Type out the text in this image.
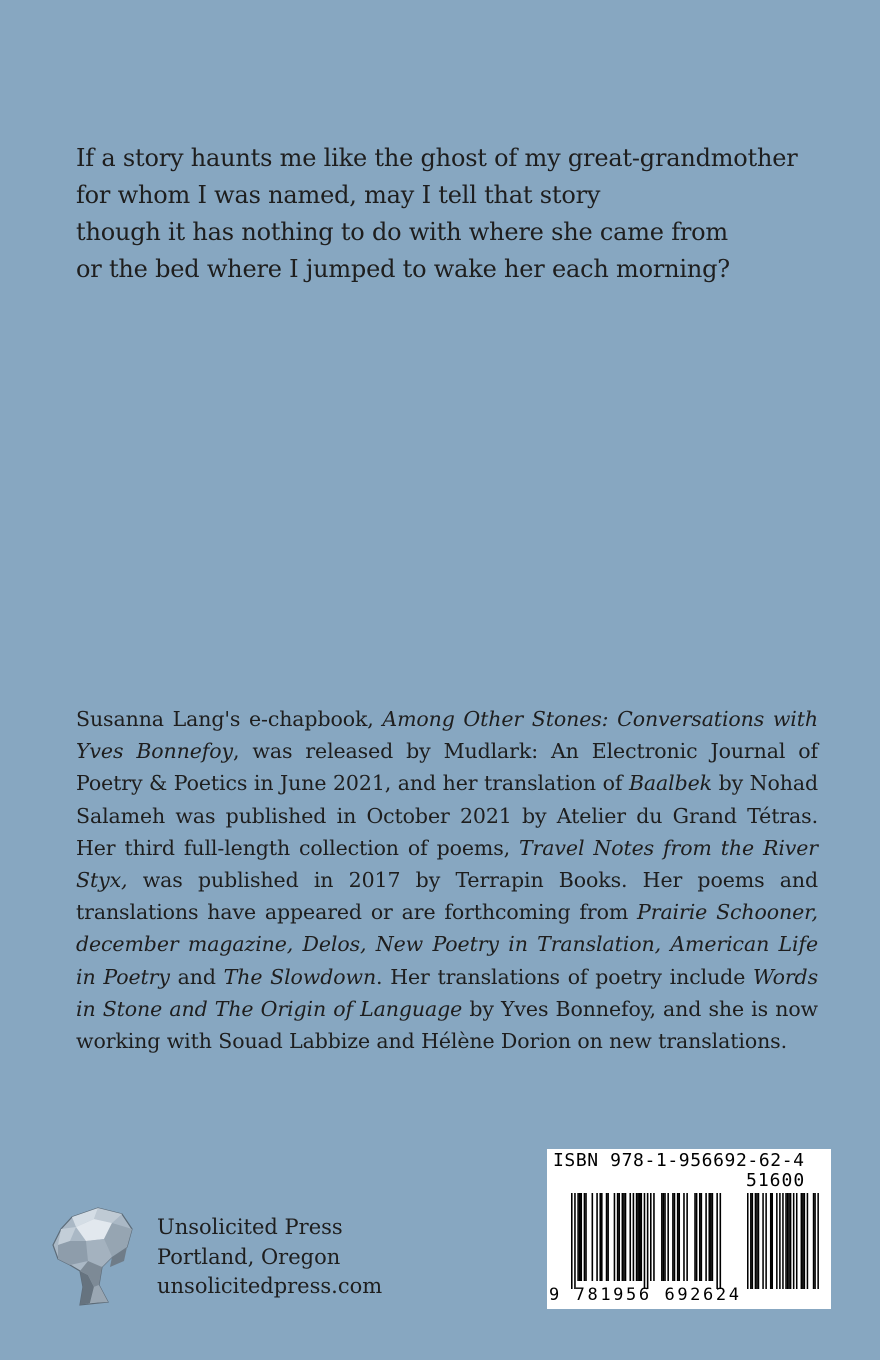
If a story haunts me like the ghost of my great-grandmother
for whom I was named, may I tell that story
though it has nothing to do with where she came from
or the bed where I jumped to wake her each morning?
Susanna Lang's e-chapbook, Among Other Stones: Conversations with Yves Bonnefoy, was released by Mudlark: An Electronic Journal of Poetry & Poetics in June 2021, and her translation of Baalbek by Nohad Salameh was published in October 2021 by Atelier du Grand Tétras. Her third full-length collection of poems, Travel Notes from the River Styx, was published in 2017 by Terrapin Books. Her poems and translations have appeared or are forthcoming from Prairie Schooner, december magazine, Delos, New Poetry in Translation, American Life in Poetry and The Slowdown. Her translations of poetry include Words in Stone and The Origin of Language by Yves Bonnefoy, and she is now working with Souad Labbize and Hélène Dorion on new translations.
Unsolicited Press
Portland, Oregon
unsolicitedpress.com
ISBN 978-1-956692-62-4
51600
9 781956 692624
